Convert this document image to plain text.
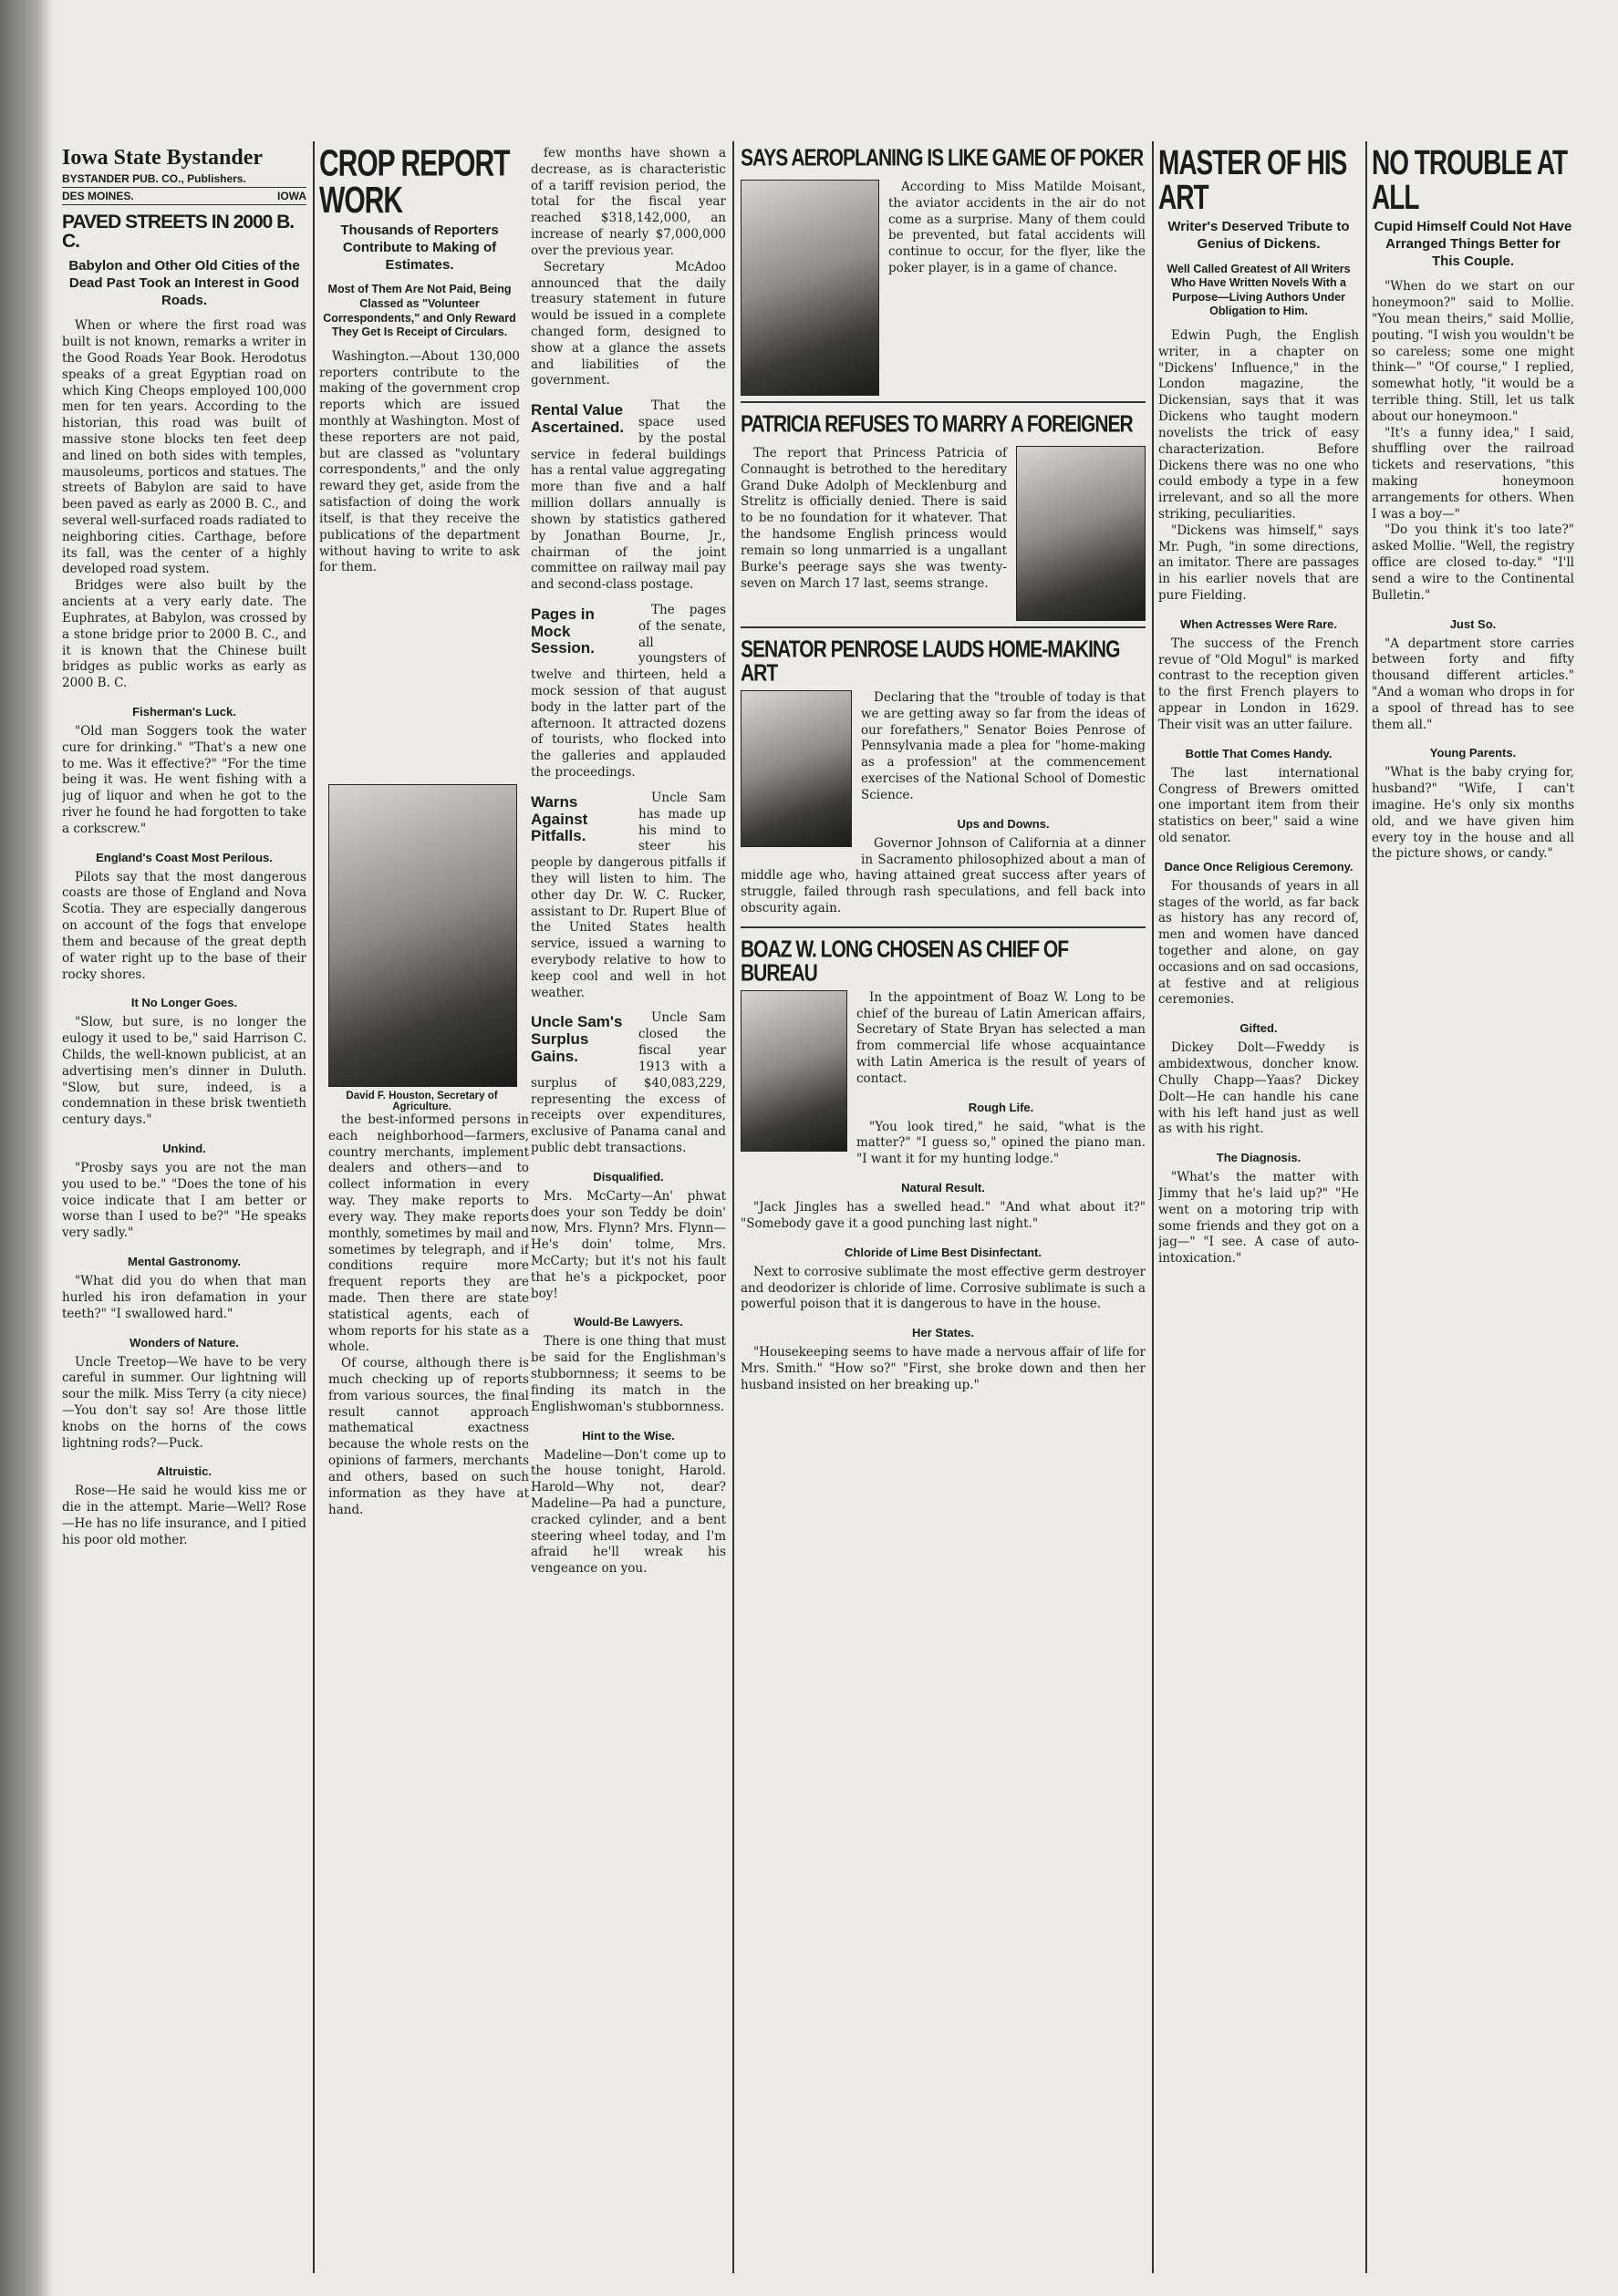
Iowa State Bystander
BYSTANDER PUB. CO., Publishers.
DES MOINES.	IOWA
PAVED STREETS IN 2000 B. C.
Babylon and Other Old Cities of the Dead Past Took an Interest in Good Roads.

When or where the first road was built is not known, remarks a writer in the Good Roads Year Book. Herodotus speaks of a great Egyptian road on which King Cheops employed 100,000 men for ten years. According to the historian, this road was built of massive stone blocks ten feet deep and lined on both sides with temples, mausoleums, porticos and statues. The streets of Babylon are said to have been paved as early as 2000 B. C., and several well-surfaced roads radiated to neighboring cities. Carthage, before its fall, was the center of a highly developed road system.

Bridges were also built by the ancients at a very early date. The Euphrates, at Babylon, was crossed by a stone bridge prior to 2000 B. C., and it is known that the Chinese built bridges as public works as early as 2000 B. C.

Fisherman's Luck.

"Old man Soggers took the water cure for drinking." "That's a new one to me. Was it effective?" "For the time being it was. He went fishing with a jug of liquor and when he got to the river he found he had forgotten to take a corkscrew."

England's Coast Most Perilous.

Pilots say that the most dangerous coasts are those of England and Nova Scotia. They are especially dangerous on account of the fogs that envelope them and because of the great depth of water right up to the base of their rocky shores.

It No Longer Goes.

"Slow, but sure, is no longer the eulogy it used to be," said Harrison C. Childs, the well-known publicist, at an advertising men's dinner in Duluth. "Slow, but sure, indeed, is a condemnation in these brisk twentieth century days."

Unkind.

"Prosby says you are not the man you used to be." "Does the tone of his voice indicate that I am better or worse than I used to be?" "He speaks very sadly."

Mental Gastronomy.

"What did you do when that man hurled his iron defamation in your teeth?" "I swallowed hard."

Wonders of Nature.

Uncle Treetop—We have to be very careful in summer. Our lightning will sour the milk. Miss Terry (a city niece)—You don't say so! Are those little knobs on the horns of the cows lightning rods?—Puck.

Altruistic.

Rose—He said he would kiss me or die in the attempt. Marie—Well? Rose—He has no life insurance, and I pitied his poor old mother.

CROP REPORT WORK
Thousands of Reporters Contribute to Making of Estimates.
Most of Them Are Not Paid, Being Classed as "Volunteer Correspondents," and Only Reward They Get Is Receipt of Circulars.

Washington.—About 130,000 reporters contribute to the making of the government crop reports which are issued monthly at Washington. Most of these reporters are not paid, but are classed as "voluntary correspondents," and the only reward they get, aside from the satisfaction of doing the work itself, is that they receive the publications of the department without having to write to ask for them.

David F. Houston, Secretary of Agriculture.

the best-informed persons in each neighborhood—farmers, country merchants, implement dealers and others—and to collect information in every way. They make reports to every way. They make reports monthly, sometimes by mail and sometimes by telegraph, and if conditions require more frequent reports they are made. Then there are state statistical agents, each of whom reports for his state as a whole.

Of course, although there is much checking up of reports from various sources, the final result cannot approach mathematical exactness because the whole rests on the opinions of farmers, merchants and others, based on such information as they have at hand.

few months have shown a decrease, as is characteristic of a tariff revision period, the total for the fiscal year reached $318,142,000, an increase of nearly $7,000,000 over the previous year.

Secretary McAdoo announced that the daily treasury statement in future would be issued in a complete changed form, designed to show at a glance the assets and liabilities of the government.

Rental Value Ascertained.

That the space used by the postal service in federal buildings has a rental value aggregating more than five and a half million dollars annually is shown by statistics gathered by Jonathan Bourne, Jr., chairman of the joint committee on railway mail pay and second-class postage.

Pages in Mock Session.

The pages of the senate, all youngsters of twelve and thirteen, held a mock session of that august body in the latter part of the afternoon. It attracted dozens of tourists, who flocked into the galleries and applauded the proceedings.

Warns Against Pitfalls.

Uncle Sam has made up his mind to steer his people by dangerous pitfalls if they will listen to him. The other day Dr. W. C. Rucker, assistant to Dr. Rupert Blue of the United States health service, issued a warning to everybody relative to how to keep cool and well in hot weather.

Uncle Sam's Surplus Gains.

Uncle Sam closed the fiscal year 1913 with a surplus of $40,083,229, representing the excess of receipts over expenditures, exclusive of Panama canal and public debt transactions.

Disqualified.

Mrs. McCarty—An' phwat does your son Teddy be doin' now, Mrs. Flynn? Mrs. Flynn—He's doin' tolme, Mrs. McCarty; but it's not his fault that he's a pickpocket, poor boy!

Would-Be Lawyers.

There is one thing that must be said for the Englishman's stubbornness; it seems to be finding its match in the Englishwoman's stubbornness.

Hint to the Wise.

Madeline—Don't come up to the house tonight, Harold. Harold—Why not, dear? Madeline—Pa had a puncture, cracked cylinder, and a bent steering wheel today, and I'm afraid he'll wreak his vengeance on you.

SAYS AEROPLANING IS LIKE GAME OF POKER

According to Miss Matilde Moisant, the aviator accidents in the air do not come as a surprise. Many of them could be prevented, but fatal accidents will continue to occur, for the flyer, like the poker player, is in a game of chance.

PATRICIA REFUSES TO MARRY A FOREIGNER

The report that Princess Patricia of Connaught is betrothed to the hereditary Grand Duke Adolph of Mecklenburg and Strelitz is officially denied. There is said to be no foundation for it whatever. That the handsome English princess would remain so long unmarried is a ungallant Burke's peerage says she was twenty-seven on March 17 last, seems strange.

SENATOR PENROSE LAUDS HOME-MAKING ART

Declaring that the "trouble of today is that we are getting away so far from the ideas of our forefathers," Senator Boies Penrose of Pennsylvania made a plea for "home-making as a profession" at the commencement exercises of the National School of Domestic Science.

Ups and Downs.

Governor Johnson of California at a dinner in Sacramento philosophized about a man of middle age who, having attained great success after years of struggle, failed through rash speculations, and fell back into obscurity again.

BOAZ W. LONG CHOSEN AS CHIEF OF BUREAU

In the appointment of Boaz W. Long to be chief of the bureau of Latin American affairs, Secretary of State Bryan has selected a man from commercial life whose acquaintance with Latin America is the result of years of contact.

Rough Life.

"You look tired," he said, "what is the matter?" "I guess so," opined the piano man. "I want it for my hunting lodge."

Natural Result.

"Jack Jingles has a swelled head." "And what about it?" "Somebody gave it a good punching last night."

Chloride of Lime Best Disinfectant.

Next to corrosive sublimate the most effective germ destroyer and deodorizer is chloride of lime. Corrosive sublimate is such a powerful poison that it is dangerous to have in the house.

Her States.

"Housekeeping seems to have made a nervous affair of life for Mrs. Smith." "How so?" "First, she broke down and then her husband insisted on her breaking up."

MASTER OF HIS ART
Writer's Deserved Tribute to Genius of Dickens.
Well Called Greatest of All Writers Who Have Written Novels With a Purpose—Living Authors Under Obligation to Him.

Edwin Pugh, the English writer, in a chapter on "Dickens' Influence," in the London magazine, the Dickensian, says that it was Dickens who taught modern novelists the trick of easy characterization. Before Dickens there was no one who could embody a type in a few irrelevant, and so all the more striking, peculiarities.

"Dickens was himself," says Mr. Pugh, "in some directions, an imitator. There are passages in his earlier novels that are pure Fielding.

When Actresses Were Rare.

The success of the French revue of "Old Mogul" is marked contrast to the reception given to the first French players to appear in London in 1629. Their visit was an utter failure.

Bottle That Comes Handy.

The last international Congress of Brewers omitted one important item from their statistics on beer," said a wine old senator.

Dance Once Religious Ceremony.

For thousands of years in all stages of the world, as far back as history has any record of, men and women have danced together and alone, on gay occasions and on sad occasions, at festive and at religious ceremonies.

Gifted.

Dickey Dolt—Fweddy is ambidextwous, doncher know. Chully Chapp—Yaas? Dickey Dolt—He can handle his cane with his left hand just as well as with his right.

The Diagnosis.

"What's the matter with Jimmy that he's laid up?" "He went on a motoring trip with some friends and they got on a jag—" "I see. A case of auto-intoxication."

NO TROUBLE AT ALL
Cupid Himself Could Not Have Arranged Things Better for This Couple.

"When do we start on our honeymoon?" said to Mollie. "You mean theirs," said Mollie, pouting. "I wish you wouldn't be so careless; some one might think—" "Of course," I replied, somewhat hotly, "it would be a terrible thing. Still, let us talk about our honeymoon."

"It's a funny idea," I said, shuffling over the railroad tickets and reservations, "this making honeymoon arrangements for others. When I was a boy—"

"Do you think it's too late?" asked Mollie. "Well, the registry office are closed to-day." "I'll send a wire to the Continental Bulletin."

Just So.

"A department store carries between forty and fifty thousand different articles." "And a woman who drops in for a spool of thread has to see them all."

Young Parents.

"What is the baby crying for, husband?" "Wife, I can't imagine. He's only six months old, and we have given him every toy in the house and all the picture shows, or candy."
